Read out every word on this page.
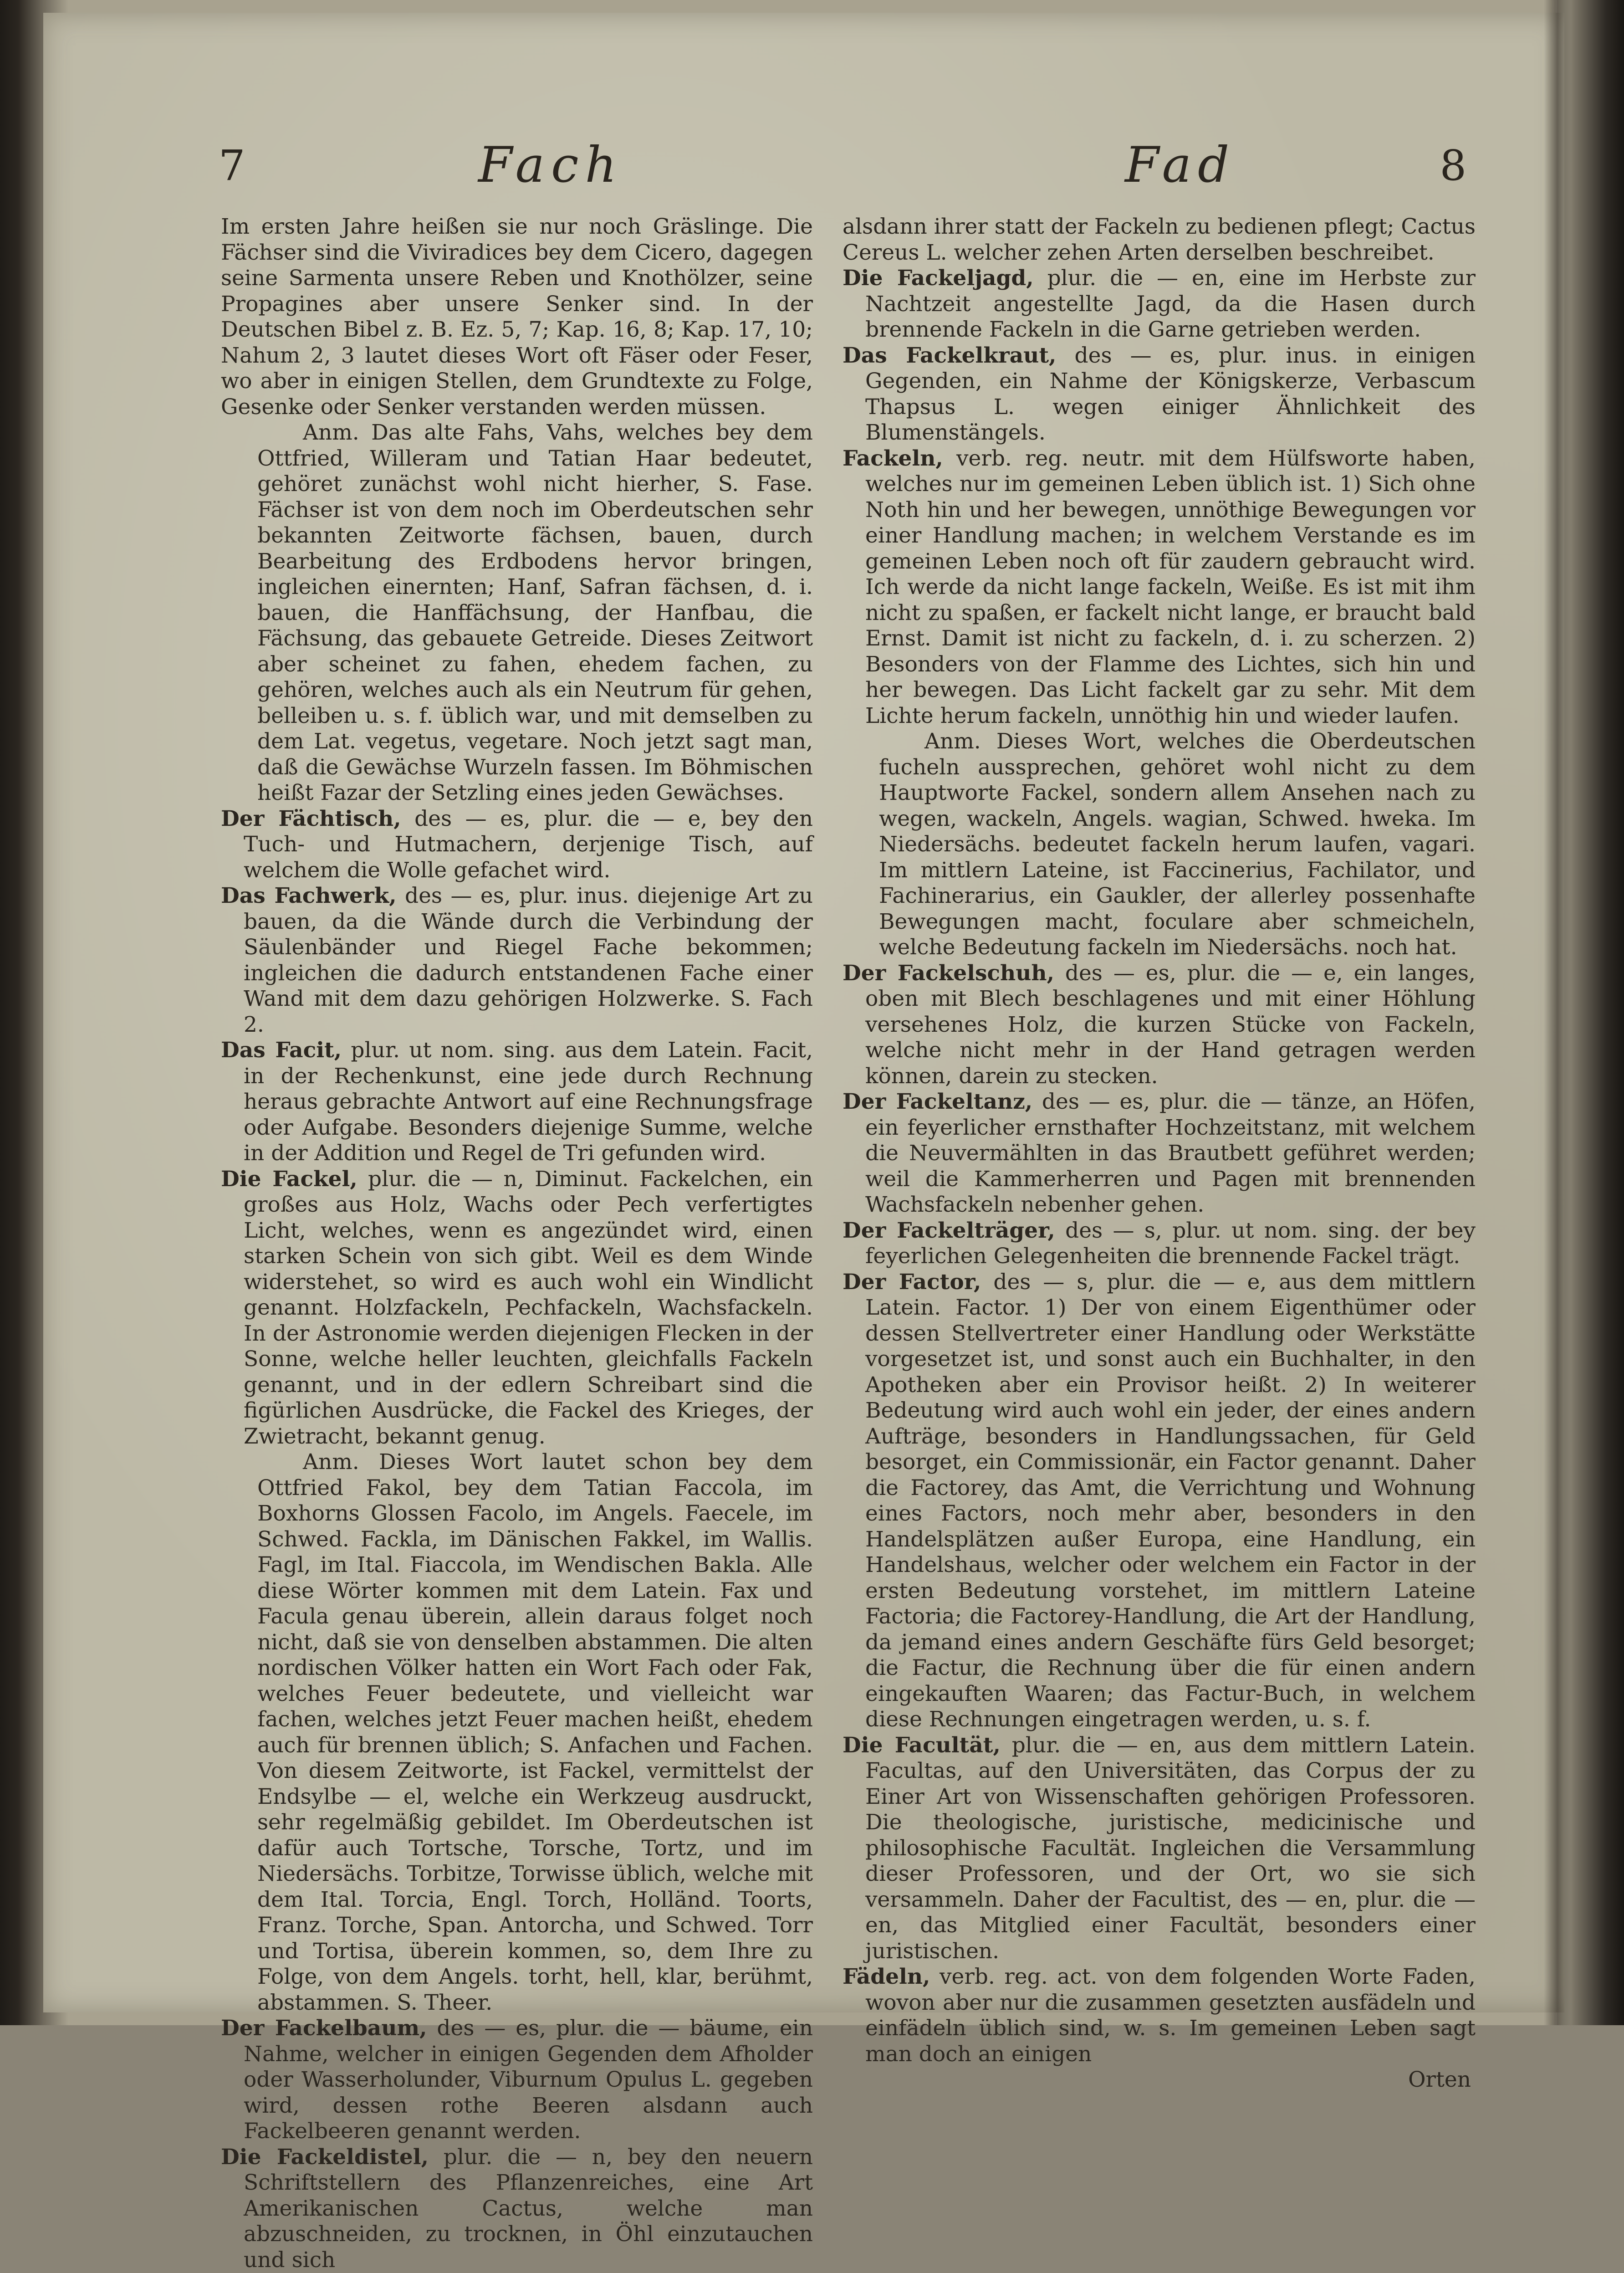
7	Fach	Fad	8

Im ersten Jahre heißen sie nur noch Gräslinge. Die Fächser sind die Viviradices bey dem Cicero, dagegen seine Sarmenta unsere Reben und Knothölzer, seine Propagines aber unsere Senker sind. In der Deutschen Bibel z. B. Ez. 5, 7; Kap. 16, 8; Kap. 17, 10; Nahum 2, 3 lautet dieses Wort oft Fäser oder Feser, wo aber in einigen Stellen, dem Grundtexte zu Folge, Gesenke oder Senker verstanden werden müssen.

Anm. Das alte Fahs, Vahs, welches bey dem Ottfried, Willeram und Tatian Haar bedeutet, gehöret zunächst wohl nicht hierher, S. Fase. Fächser ist von dem noch im Oberdeutschen sehr bekannten Zeitworte fächsen, bauen, durch Bearbeitung des Erdbodens hervor bringen, ingleichen einernten; Hanf, Safran fächsen, d. i. bauen, die Hanffächsung, der Hanfbau, die Fächsung, das gebauete Getreide. Dieses Zeitwort aber scheinet zu fahen, ehedem fachen, zu gehören, welches auch als ein Neutrum für gehen, belleiben u. s. f. üblich war, und mit demselben zu dem Lat. vegetus, vegetare. Noch jetzt sagt man, daß die Gewächse Wurzeln fassen. Im Böhmischen heißt Fazar der Setzling eines jeden Gewächses.

Der Fächtisch, des — es, plur. die — e, bey den Tuch- und Hutmachern, derjenige Tisch, auf welchem die Wolle gefachet wird.

Das Fachwerk, des — es, plur. inus. diejenige Art zu bauen, da die Wände durch die Verbindung der Säulenbänder und Riegel Fache bekommen; ingleichen die dadurch entstandenen Fache einer Wand mit dem dazu gehörigen Holzwerke. S. Fach 2.

Das Facit, plur. ut nom. sing. aus dem Latein. Facit, in der Rechenkunst, eine jede durch Rechnung heraus gebrachte Antwort auf eine Rechnungsfrage oder Aufgabe. Besonders diejenige Summe, welche in der Addition und Regel de Tri gefunden wird.

Die Fackel, plur. die — n, Diminut. Fackelchen, ein großes aus Holz, Wachs oder Pech verfertigtes Licht, welches, wenn es angezündet wird, einen starken Schein von sich gibt. Weil es dem Winde widerstehet, so wird es auch wohl ein Windlicht genannt. Holzfackeln, Pechfackeln, Wachsfackeln. In der Astronomie werden diejenigen Flecken in der Sonne, welche heller leuchten, gleichfalls Fackeln genannt, und in der edlern Schreibart sind die figürlichen Ausdrücke, die Fackel des Krieges, der Zwietracht, bekannt genug.

Anm. Dieses Wort lautet schon bey dem Ottfried Fakol, bey dem Tatian Faccola, im Boxhorns Glossen Facolo, im Angels. Faecele, im Schwed. Fackla, im Dänischen Fakkel, im Wallis. Fagl, im Ital. Fiaccola, im Wendischen Bakla. Alle diese Wörter kommen mit dem Latein. Fax und Facula genau überein, allein daraus folget noch nicht, daß sie von denselben abstammen. Die alten nordischen Völker hatten ein Wort Fach oder Fak, welches Feuer bedeutete, und vielleicht war fachen, welches jetzt Feuer machen heißt, ehedem auch für brennen üblich; S. Anfachen und Fachen. Von diesem Zeitworte, ist Fackel, vermittelst der Endsylbe — el, welche ein Werkzeug ausdruckt, sehr regelmäßig gebildet. Im Oberdeutschen ist dafür auch Tortsche, Torsche, Tortz, und im Niedersächs. Torbitze, Torwisse üblich, welche mit dem Ital. Torcia, Engl. Torch, Holländ. Toorts, Franz. Torche, Span. Antorcha, und Schwed. Torr und Tortisa, überein kommen, so, dem Ihre zu Folge, von dem Angels. torht, hell, klar, berühmt, abstammen. S. Theer.

Der Fackelbaum, des — es, plur. die — bäume, ein Nahme, welcher in einigen Gegenden dem Afholder oder Wasserholunder, Viburnum Opulus L. gegeben wird, dessen rothe Beeren alsdann auch Fackelbeeren genannt werden.

Die Fackeldistel, plur. die — n, bey den neuern Schriftstellern des Pflanzenreiches, eine Art Amerikanischen Cactus, welche man abzuschneiden, zu trocknen, in Öhl einzutauchen und sich

alsdann ihrer statt der Fackeln zu bedienen pflegt; Cactus Cereus L. welcher zehen Arten derselben beschreibet.

Die Fackeljagd, plur. die — en, eine im Herbste zur Nachtzeit angestellte Jagd, da die Hasen durch brennende Fackeln in die Garne getrieben werden.

Das Fackelkraut, des — es, plur. inus. in einigen Gegenden, ein Nahme der Königskerze, Verbascum Thapsus L. wegen einiger Ähnlichkeit des Blumenstängels.

Fackeln, verb. reg. neutr. mit dem Hülfsworte haben, welches nur im gemeinen Leben üblich ist. 1) Sich ohne Noth hin und her bewegen, unnöthige Bewegungen vor einer Handlung machen; in welchem Verstande es im gemeinen Leben noch oft für zaudern gebraucht wird. Ich werde da nicht lange fackeln, Weiße. Es ist mit ihm nicht zu spaßen, er fackelt nicht lange, er braucht bald Ernst. Damit ist nicht zu fackeln, d. i. zu scherzen. 2) Besonders von der Flamme des Lichtes, sich hin und her bewegen. Das Licht fackelt gar zu sehr. Mit dem Lichte herum fackeln, unnöthig hin und wieder laufen.

Anm. Dieses Wort, welches die Oberdeutschen fucheln aussprechen, gehöret wohl nicht zu dem Hauptworte Fackel, sondern allem Ansehen nach zu wegen, wackeln, Angels. wagian, Schwed. hweka. Im Niedersächs. bedeutet fackeln herum laufen, vagari. Im mittlern Lateine, ist Faccinerius, Fachilator, und Fachinerarius, ein Gaukler, der allerley possenhafte Bewegungen macht, foculare aber schmeicheln, welche Bedeutung fackeln im Niedersächs. noch hat.

Der Fackelschuh, des — es, plur. die — e, ein langes, oben mit Blech beschlagenes und mit einer Höhlung versehenes Holz, die kurzen Stücke von Fackeln, welche nicht mehr in der Hand getragen werden können, darein zu stecken.

Der Fackeltanz, des — es, plur. die — tänze, an Höfen, ein feyerlicher ernsthafter Hochzeitstanz, mit welchem die Neuvermählten in das Brautbett geführet werden; weil die Kammerherren und Pagen mit brennenden Wachsfackeln nebenher gehen.

Der Fackelträger, des — s, plur. ut nom. sing. der bey feyerlichen Gelegenheiten die brennende Fackel trägt.

Der Factor, des — s, plur. die — e, aus dem mittlern Latein. Factor. 1) Der von einem Eigenthümer oder dessen Stellvertreter einer Handlung oder Werkstätte vorgesetzet ist, und sonst auch ein Buchhalter, in den Apotheken aber ein Provisor heißt. 2) In weiterer Bedeutung wird auch wohl ein jeder, der eines andern Aufträge, besonders in Handlungssachen, für Geld besorget, ein Commissionär, ein Factor genannt. Daher die Factorey, das Amt, die Verrichtung und Wohnung eines Factors, noch mehr aber, besonders in den Handelsplätzen außer Europa, eine Handlung, ein Handelshaus, welcher oder welchem ein Factor in der ersten Bedeutung vorstehet, im mittlern Lateine Factoria; die Factorey-Handlung, die Art der Handlung, da jemand eines andern Geschäfte fürs Geld besorget; die Factur, die Rechnung über die für einen andern eingekauften Waaren; das Factur-Buch, in welchem diese Rechnungen eingetragen werden, u. s. f.

Die Facultät, plur. die — en, aus dem mittlern Latein. Facultas, auf den Universitäten, das Corpus der zu Einer Art von Wissenschaften gehörigen Professoren. Die theologische, juristische, medicinische und philosophische Facultät. Ingleichen die Versammlung dieser Professoren, und der Ort, wo sie sich versammeln. Daher der Facultist, des — en, plur. die — en, das Mitglied einer Facultät, besonders einer juristischen.

Fädeln, verb. reg. act. von dem folgenden Worte Faden, wovon aber nur die zusammen gesetzten ausfädeln und einfädeln üblich sind, w. s. Im gemeinen Leben sagt man doch an einigen

Orten
